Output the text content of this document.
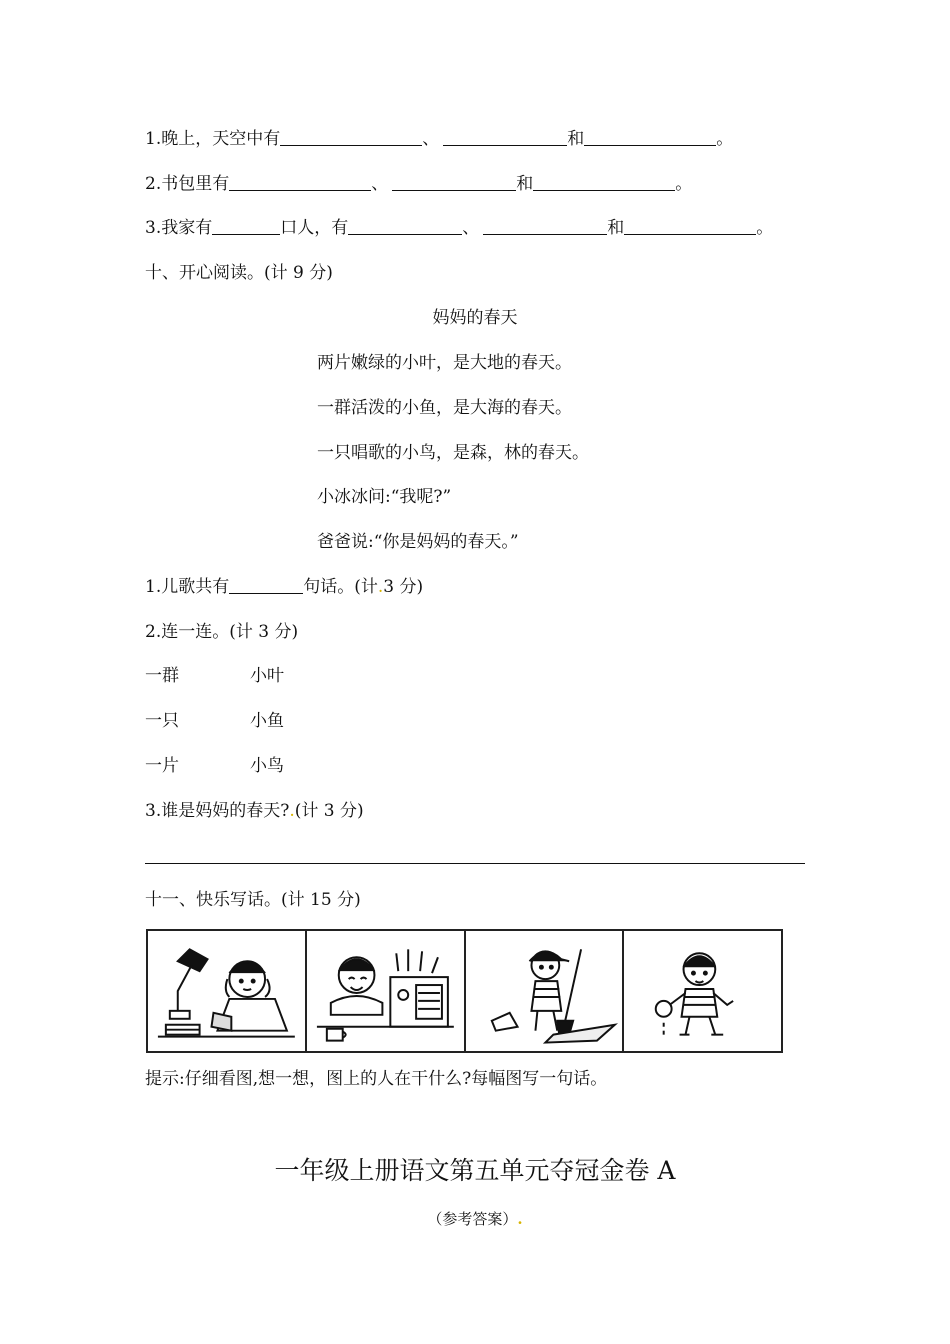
1.晚上，天空中有	、	和	。
2.书包里有	、	和	。
3.我家有	口人，有	、	和	。
十、开心阅读。(计 9 分)
妈妈的春天
两片嫩绿的小叶，是大地的春天。
一群活泼的小鱼，是大海的春天。
一只唱歌的小鸟，是森，林的春天。
小冰冰问:“我呢?”
爸爸说:“你是妈妈的春天。”
1.儿歌共有	句话。(计.3 分)
2.连一连。(计 3 分)
一群	小叶
一只	小鱼
一片	小鸟
3.谁是妈妈的春天?.(计 3 分)
十一、快乐写话。(计 15 分)
提示:仔细看图,想一想，图上的人在干什么?每幅图写一句话。
一年级上册语文第五单元夺冠金卷 A
（参考答案）.
